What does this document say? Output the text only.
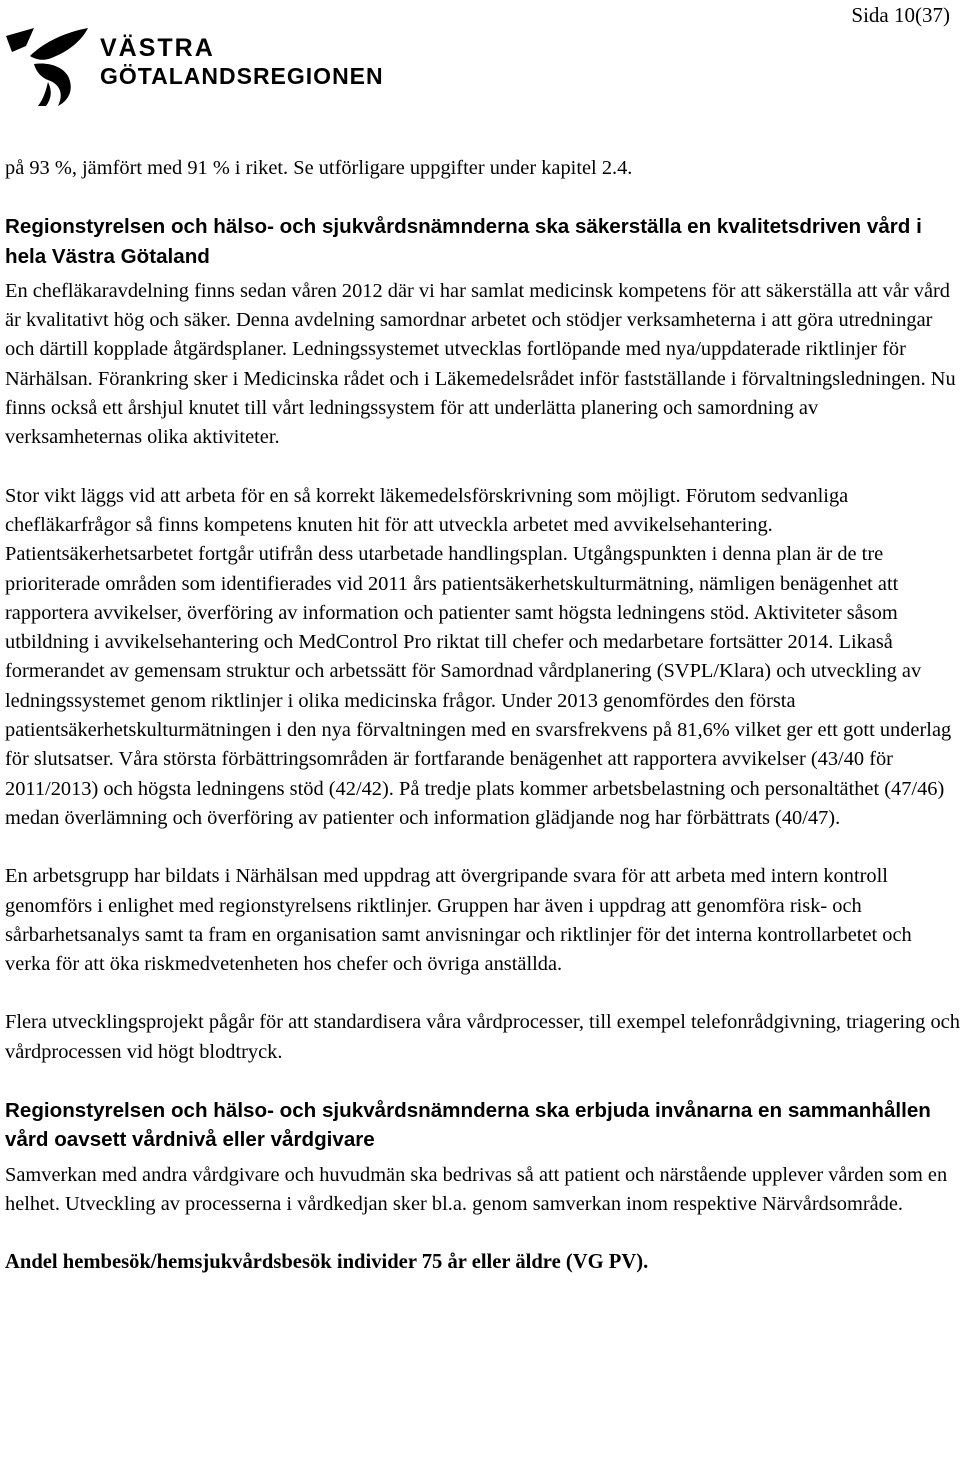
Sida 10(37)
VÄSTRA
GÖTALANDSREGIONEN

på 93 %, jämfört med 91 % i riket. Se utförligare uppgifter under kapitel 2.4.

Regionstyrelsen och hälso- och sjukvårdsnämnderna ska säkerställa en kvalitetsdriven vård i hela Västra Götaland

En chefläkaravdelning finns sedan våren 2012 där vi har samlat medicinsk kompetens för att säkerställa att vår vård är kvalitativt hög och säker. Denna avdelning samordnar arbetet och stödjer verksamheterna i att göra utredningar och därtill kopplade åtgärdsplaner. Ledningssystemet utvecklas fortlöpande med nya/uppdaterade riktlinjer för Närhälsan. Förankring sker i Medicinska rådet och i Läkemedelsrådet inför fastställande i förvaltningsledningen. Nu finns också ett årshjul knutet till vårt ledningssystem för att underlätta planering och samordning av verksamheternas olika aktiviteter.

Stor vikt läggs vid att arbeta för en så korrekt läkemedelsförskrivning som möjligt. Förutom sedvanliga chefläkarfrågor så finns kompetens knuten hit för att utveckla arbetet med avvikelsehantering. Patientsäkerhetsarbetet fortgår utifrån dess utarbetade handlingsplan. Utgångspunkten i denna plan är de tre prioriterade områden som identifierades vid 2011 års patientsäkerhetskulturmätning, nämligen benägenhet att rapportera avvikelser, överföring av information och patienter samt högsta ledningens stöd. Aktiviteter såsom utbildning i avvikelsehantering och MedControl Pro riktat till chefer och medarbetare fortsätter 2014. Likaså formerandet av gemensam struktur och arbetssätt för Samordnad vårdplanering (SVPL/Klara) och utveckling av ledningssystemet genom riktlinjer i olika medicinska frågor. Under 2013 genomfördes den första patientsäkerhetskulturmätningen i den nya förvaltningen med en svarsfrekvens på 81,6% vilket ger ett gott underlag för slutsatser. Våra största förbättringsområden är fortfarande benägenhet att rapportera avvikelser (43/40 för 2011/2013) och högsta ledningens stöd (42/42). På tredje plats kommer arbetsbelastning och personaltäthet (47/46) medan överlämning och överföring av patienter och information glädjande nog har förbättrats (40/47).

En arbetsgrupp har bildats i Närhälsan med uppdrag att övergripande svara för att arbeta med intern kontroll genomförs i enlighet med regionstyrelsens riktlinjer. Gruppen har även i uppdrag att genomföra risk- och sårbarhetsanalys samt ta fram en organisation samt anvisningar och riktlinjer för det interna kontrollarbetet och verka för att öka riskmedvetenheten hos chefer och övriga anställda.

Flera utvecklingsprojekt pågår för att standardisera våra vårdprocesser, till exempel telefonrådgivning, triagering och vårdprocessen vid högt blodtryck.

Regionstyrelsen och hälso- och sjukvårdsnämnderna ska erbjuda invånarna en sammanhållen vård oavsett vårdnivå eller vårdgivare

Samverkan med andra vårdgivare och huvudmän ska bedrivas så att patient och närstående upplever vården som en helhet. Utveckling av processerna i vårdkedjan sker bl.a. genom samverkan inom respektive Närvårdsområde.

Andel hembesök/hemsjukvårdsbesök individer 75 år eller äldre (VG PV).
